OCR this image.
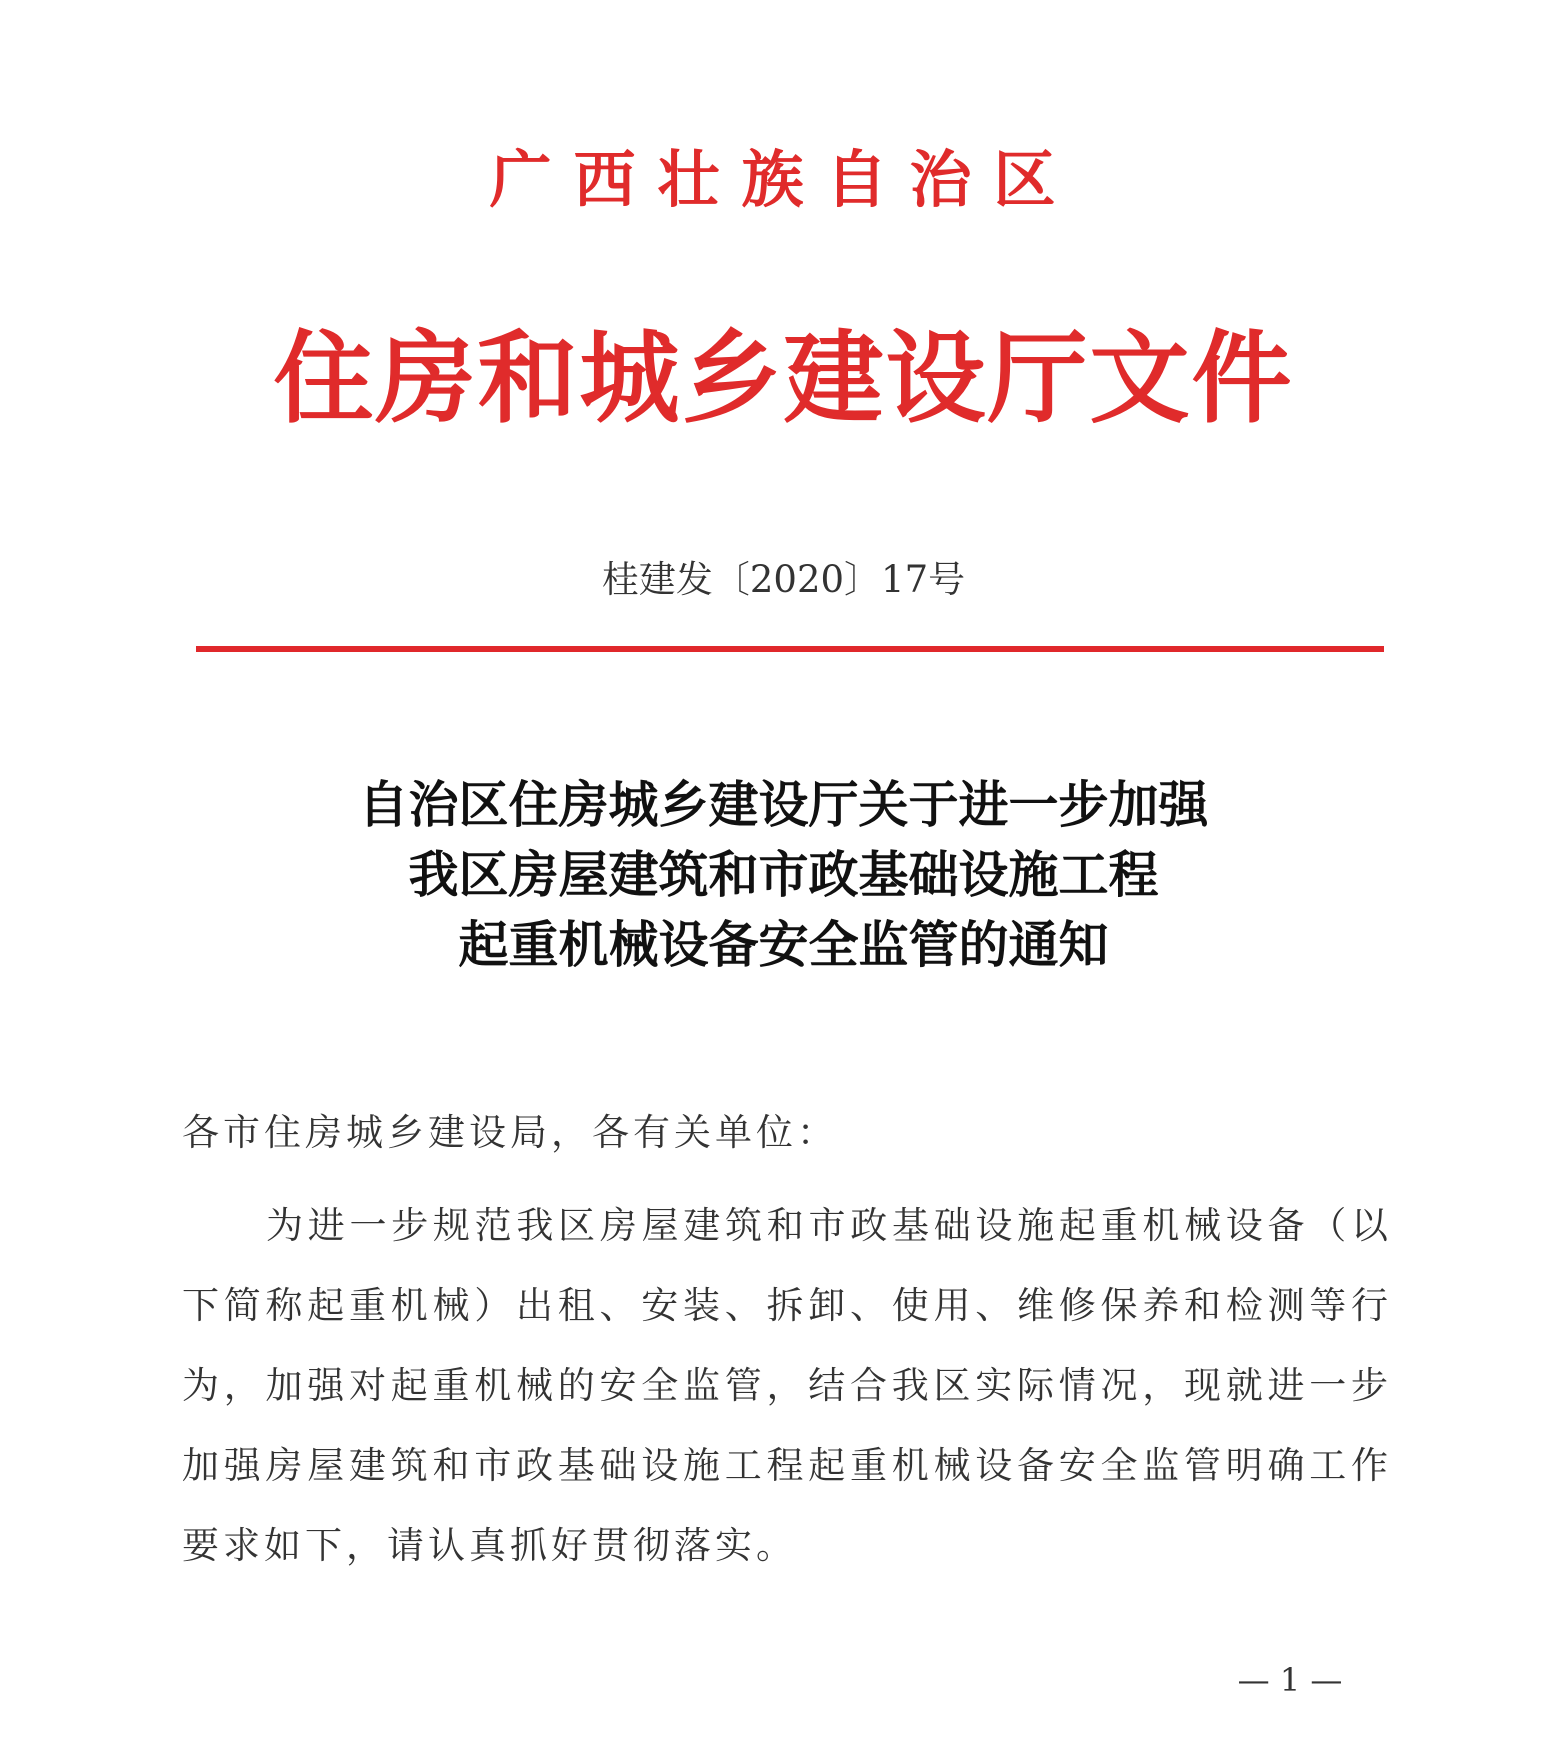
广西壮族自治区
住房和城乡建设厅文件
桂建发〔2020〕17号
自治区住房城乡建设厅关于进一步加强
我区房屋建筑和市政基础设施工程
起重机械设备安全监管的通知
各市住房城乡建设局，各有关单位：
为进一步规范我区房屋建筑和市政基础设施起重机械设备（以下简称起重机械）出租、安装、拆卸、使用、维修保养和检测等行为，加强对起重机械的安全监管，结合我区实际情况，现就进一步加强房屋建筑和市政基础设施工程起重机械设备安全监管明确工作要求如下，请认真抓好贯彻落实。
— 1 —
